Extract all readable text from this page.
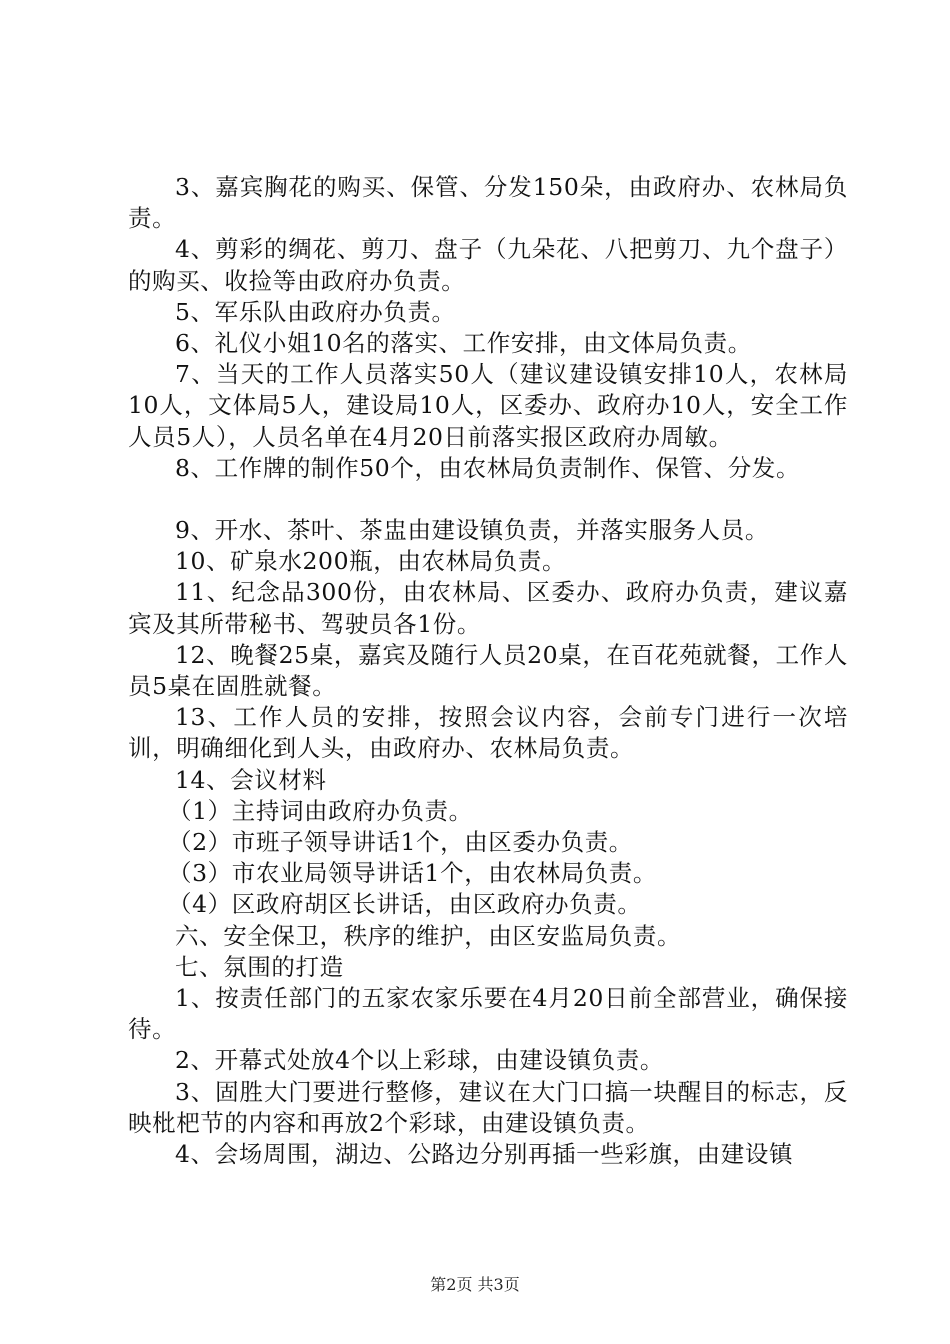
3、嘉宾胸花的购买、保管、分发150朵，由政府办、农林局负责。

4、剪彩的绸花、剪刀、盘子（九朵花、八把剪刀、九个盘子）的购买、收捡等由政府办负责。

5、军乐队由政府办负责。

6、礼仪小姐10名的落实、工作安排，由文体局负责。

7、当天的工作人员落实50人（建议建设镇安排10人，农林局10人，文体局5人，建设局10人，区委办、政府办10人，安全工作人员5人），人员名单在4月20日前落实报区政府办周敏。

8、工作牌的制作50个，由农林局负责制作、保管、分发。

9、开水、茶叶、茶盅由建设镇负责，并落实服务人员。

10、矿泉水200瓶，由农林局负责。

11、纪念品300份，由农林局、区委办、政府办负责，建议嘉宾及其所带秘书、驾驶员各1份。

12、晚餐25桌，嘉宾及随行人员20桌，在百花苑就餐，工作人员5桌在固胜就餐。

13、工作人员的安排，按照会议内容，会前专门进行一次培训，明确细化到人头，由政府办、农林局负责。

14、会议材料

（1）主持词由政府办负责。

（2）市班子领导讲话1个，由区委办负责。

（3）市农业局领导讲话1个，由农林局负责。

（4）区政府胡区长讲话，由区政府办负责。

六、安全保卫，秩序的维护，由区安监局负责。

七、氛围的打造

1、按责任部门的五家农家乐要在4月20日前全部营业，确保接待。

2、开幕式处放4个以上彩球，由建设镇负责。

3、固胜大门要进行整修，建议在大门口搞一块醒目的标志，反映枇杷节的内容和再放2个彩球，由建设镇负责。

4、会场周围，湖边、公路边分别再插一些彩旗，由建设镇

第2页 共3页
